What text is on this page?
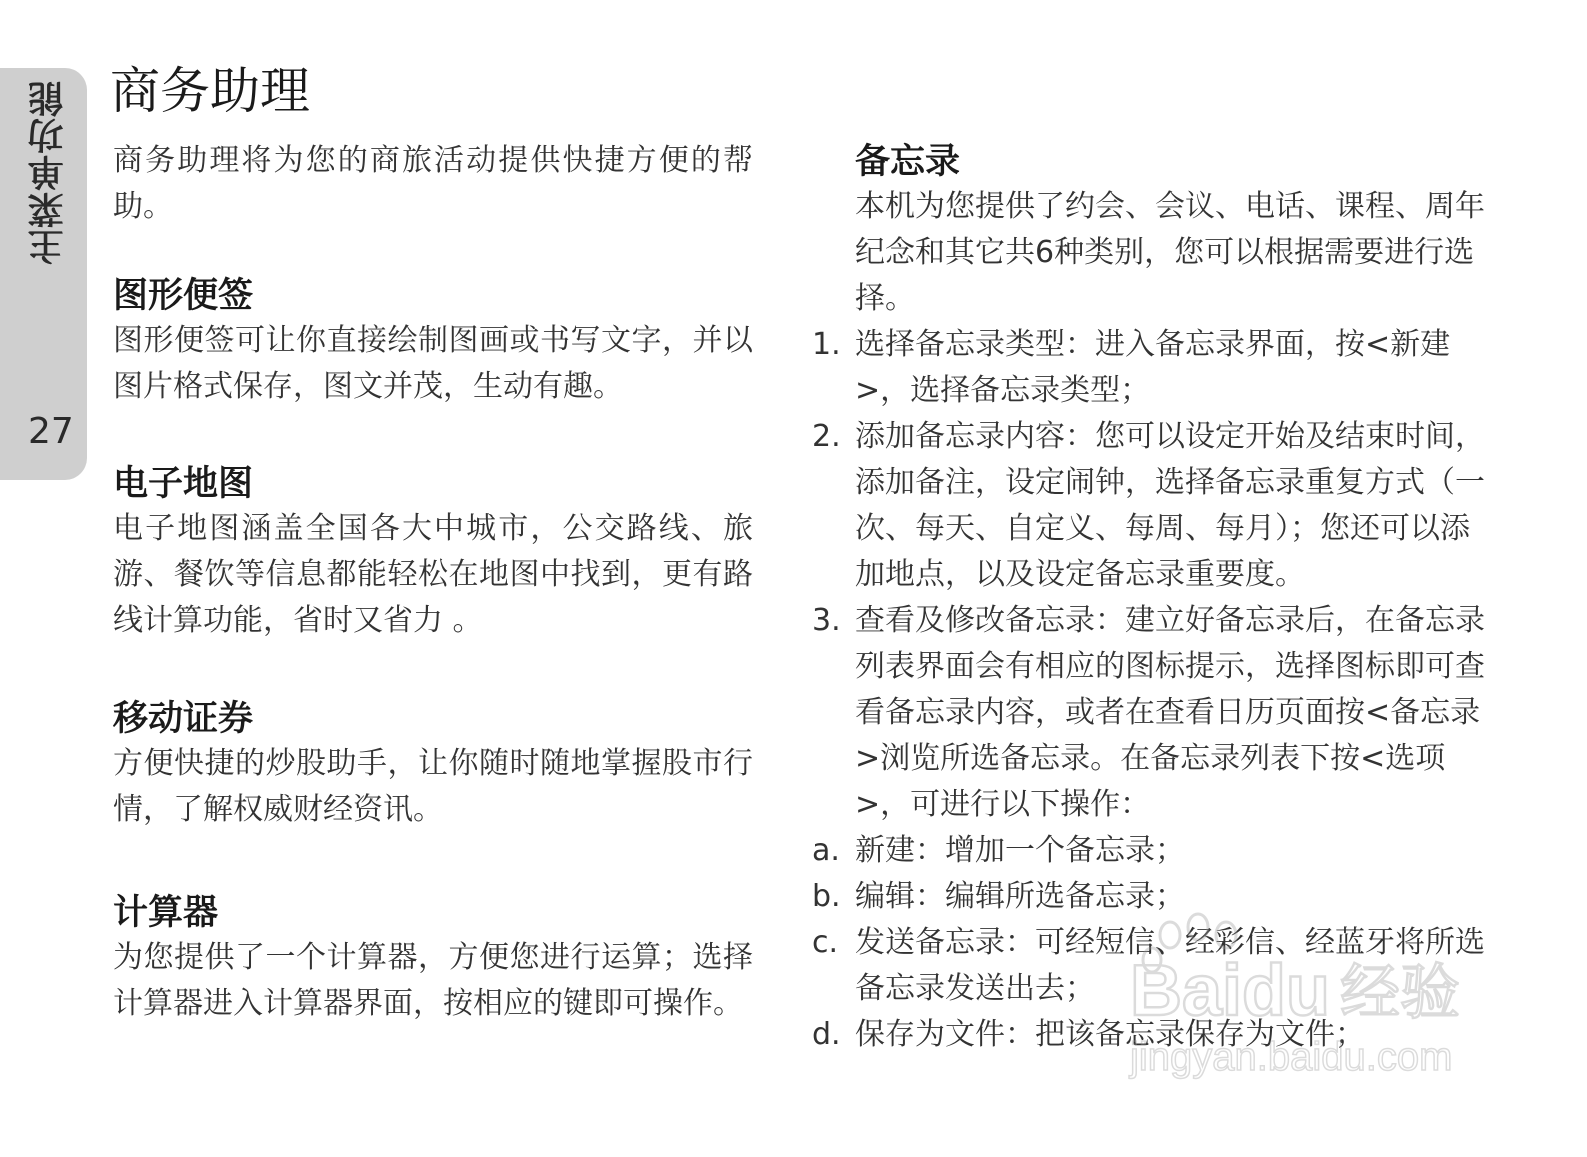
主菜单功能
27
商务助理

商务助理将为您的商旅活动提供快捷方便的帮助。

图形便签

图形便签可让你直接绘制图画或书写文字，并以图片格式保存，图文并茂，生动有趣。

电子地图

电子地图涵盖全国各大中城市，公交路线、旅游、餐饮等信息都能轻松在地图中找到，更有路线计算功能，省时又省力 。

移动证券

方便快捷的炒股助手，让你随时随地掌握股市行情，了解权威财经资讯。

计算器

为您提供了一个计算器，方便您进行运算；选择计算器进入计算器界面，按相应的键即可操作。

备忘录

本机为您提供了约会、会议、电话、课程、周年纪念和其它共6种类别，您可以根据需要进行选择。

1. 选择备忘录类型：进入备忘录界面，按<新建>，选择备忘录类型；
2. 添加备忘录内容：您可以设定开始及结束时间，添加备注，设定闹钟，选择备忘录重复方式（一次、每天、自定义、每周、每月）；您还可以添加地点，以及设定备忘录重要度。
3. 查看及修改备忘录：建立好备忘录后，在备忘录列表界面会有相应的图标提示，选择图标即可查看备忘录内容，或者在查看日历页面按<备忘录>浏览所选备忘录。在备忘录列表下按<选项>，可进行以下操作：
a. 新建：增加一个备忘录；
b. 编辑：编辑所选备忘录；
c. 发送备忘录：可经短信、经彩信、经蓝牙将所选备忘录发送出去；
d. 保存为文件：把该备忘录保存为文件；
Baidu 经验
jingyan.baidu.com
